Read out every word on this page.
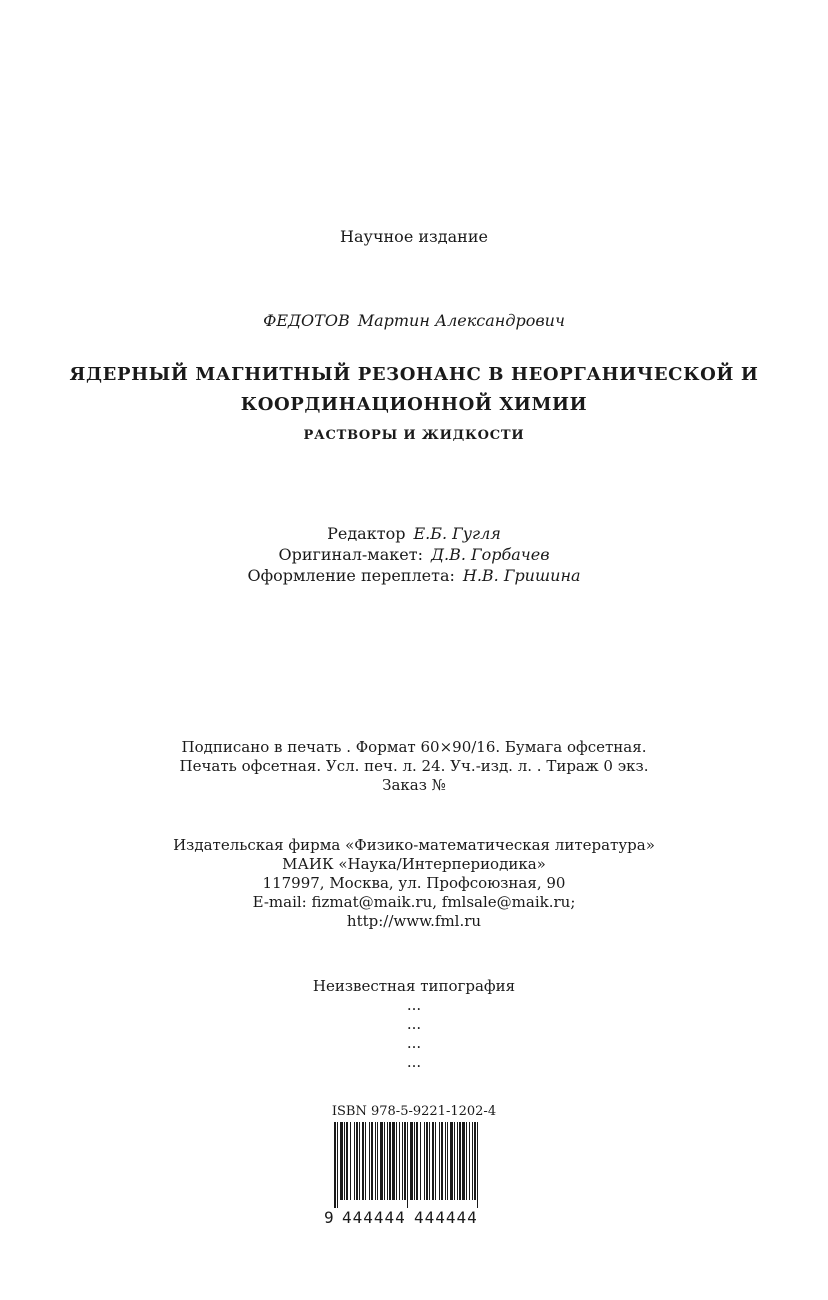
Научное издание
ФЕДОТОВ Мартин Александрович
ЯДЕРНЫЙ МАГНИТНЫЙ РЕЗОНАНС В НЕОРГАНИЧЕСКОЙ И
КООРДИНАЦИОННОЙ ХИМИИ
РАСТВОРЫ И ЖИДКОСТИ
Редактор Е.Б. Гугля
Оригинал-макет: Д.В. Горбачев
Оформление переплета: Н.В. Гришина
Подписано в печать . Формат 60×90/16. Бумага офсетная.
Печать офсетная. Усл. печ. л. 24. Уч.-изд. л. . Тираж 0 экз.
Заказ №
Издательская фирма «Физико-математическая литература»
МАИК «Наука/Интерпериодика»
117997, Москва, ул. Профсоюзная, 90
E-mail: fizmat@maik.ru, fmlsale@maik.ru;
http://www.fml.ru
Неизвестная типография
...
...
...
...
ISBN 978-5-9221-1202-4
9 444444 444444
